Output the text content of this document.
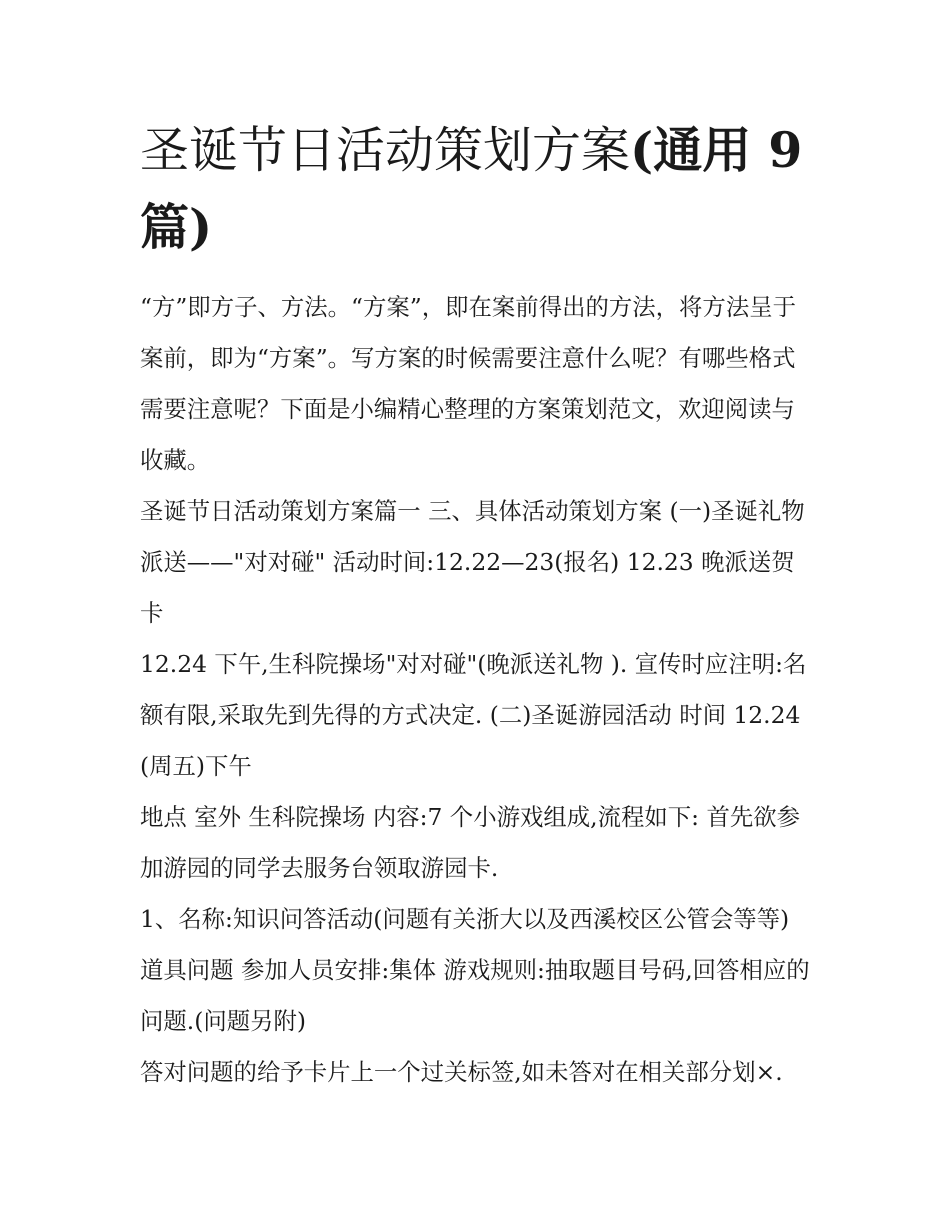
圣诞节日活动策划方案(通用 9 篇)

“方”即方子、方法。“方案”，即在案前得出的方法，将方法呈于案前，即为“方案”。写方案的时候需要注意什么呢？有哪些格式需要注意呢？下面是小编精心整理的方案策划范文，欢迎阅读与收藏。

圣诞节日活动策划方案篇一 三、具体活动策划方案 (一)圣诞礼物派送——"对对碰" 活动时间:12.22—23(报名) 12.23 晚派送贺卡

12.24 下午,生科院操场"对对碰"(晚派送礼物 ). 宣传时应注明:名额有限,采取先到先得的方式决定. (二)圣诞游园活动 时间 12.24(周五)下午

地点 室外 生科院操场 内容:7 个小游戏组成,流程如下: 首先欲参加游园的同学去服务台领取游园卡.

1、名称:知识问答活动(问题有关浙大以及西溪校区公管会等等) 道具问题 参加人员安排:集体 游戏规则:抽取题目号码,回答相应的问题.(问题另附)

答对问题的给予卡片上一个过关标签,如未答对在相关部分划×.
